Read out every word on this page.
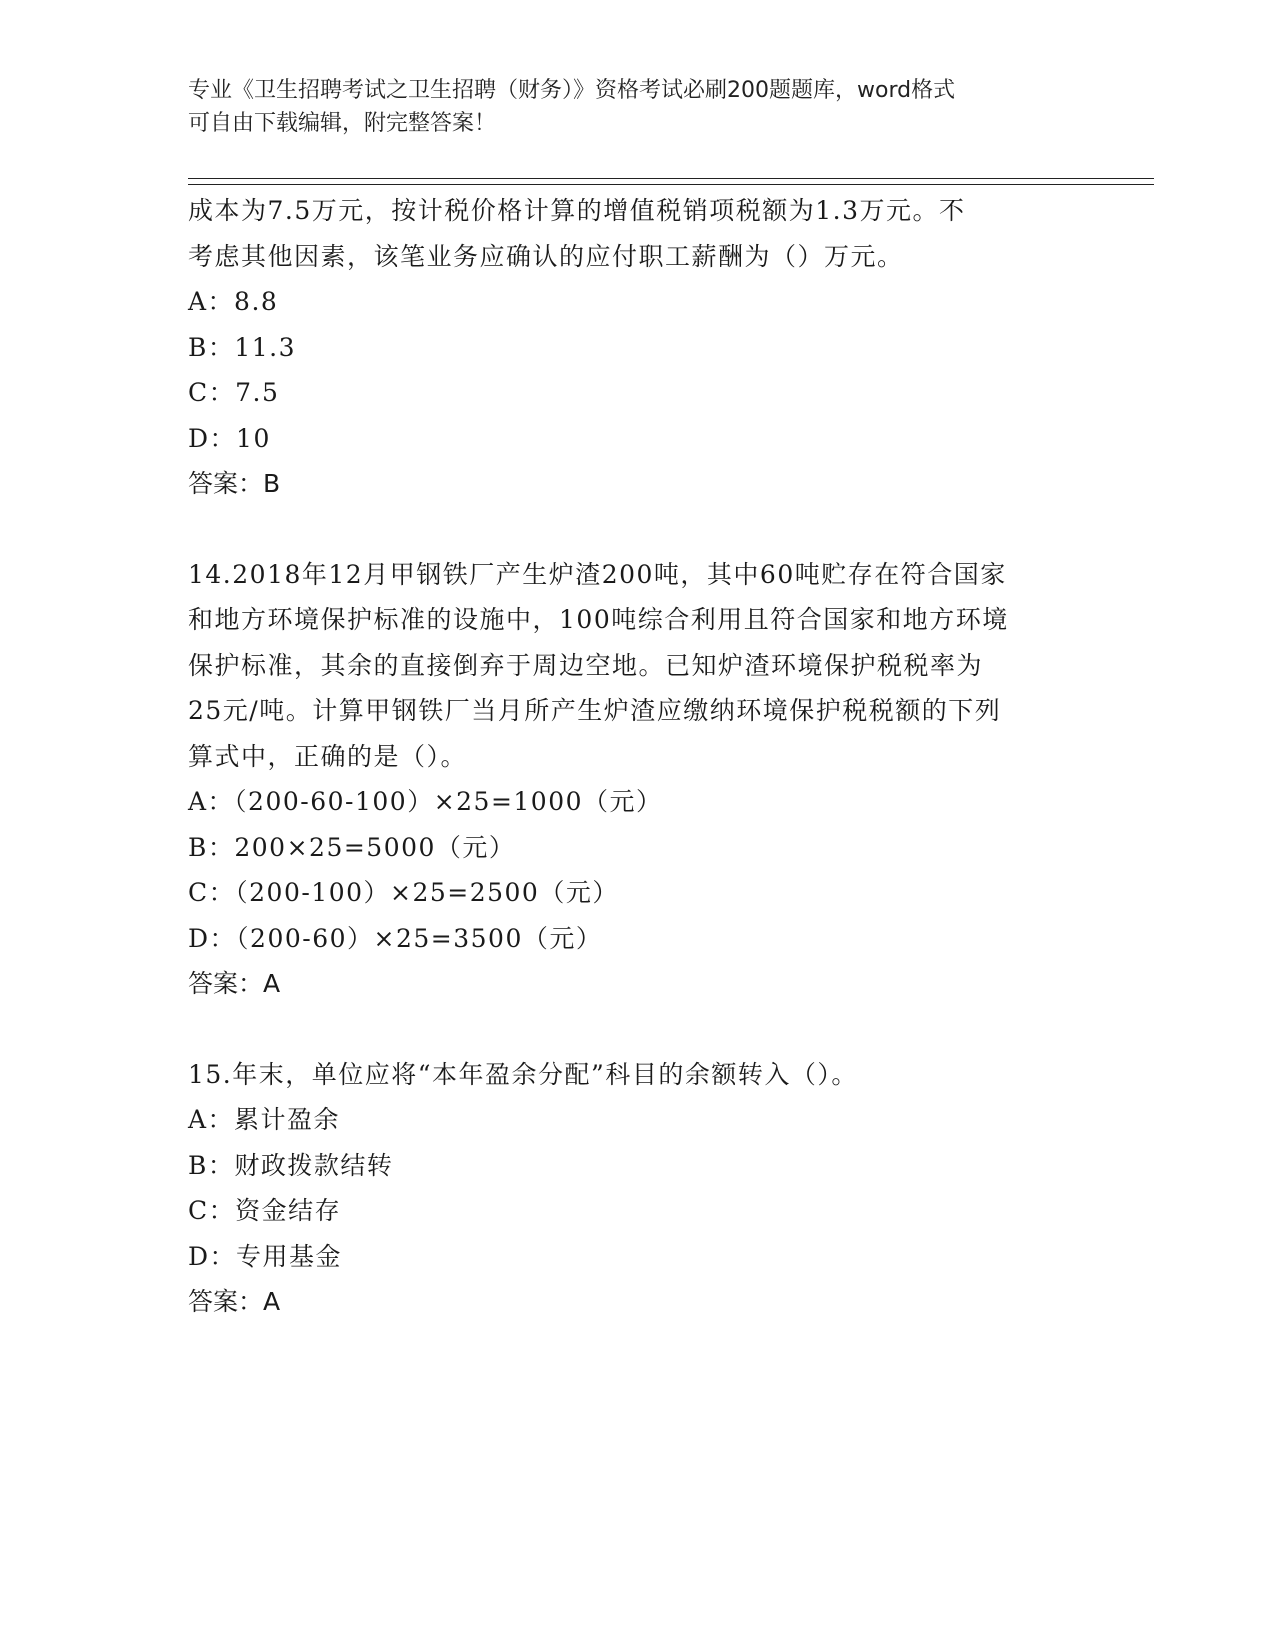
专业《卫生招聘考试之卫生招聘（财务）》资格考试必刷200题题库，word格式
可自由下载编辑，附完整答案！

成本为7.5万元，按计税价格计算的增值税销项税额为1.3万元。不

考虑其他因素，该笔业务应确认的应付职工薪酬为（）万元。

A：8.8

B：11.3

C：7.5

D：10

答案：B

14.2018年12月甲钢铁厂产生炉渣200吨，其中60吨贮存在符合国家

和地方环境保护标准的设施中，100吨综合利用且符合国家和地方环境

保护标准，其余的直接倒弃于周边空地。已知炉渣环境保护税税率为

25元/吨。计算甲钢铁厂当月所产生炉渣应缴纳环境保护税税额的下列

算式中，正确的是（）。

A：（200-60-100）×25=1000（元）

B：200×25=5000（元）

C：（200-100）×25=2500（元）

D：（200-60）×25=3500（元）

答案：A

15.年末，单位应将“本年盈余分配”科目的余额转入（）。

A：累计盈余

B：财政拨款结转

C：资金结存

D：专用基金

答案：A
